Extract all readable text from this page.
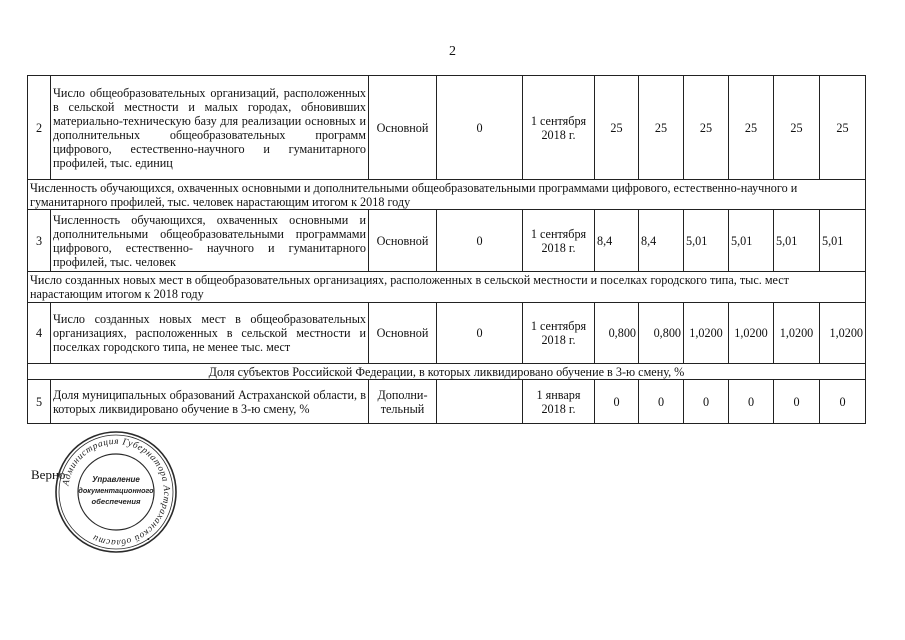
2
2	Число общеобразовательных организаций, расположенных в сельской местности и малых городах, обновивших материально-техническую базу для реализации основных и дополнительных общеобразовательных программ цифрового, естественно-научного и гуманитарного профилей, тыс. единиц	Основной	0	1 сентября 2018 г.	25	25	25	25	25	25
Численность обучающихся, охваченных основными и дополнительными общеобразовательными программами цифрового, естественно-научного и гуманитарного профилей, тыс. человек нарастающим итогом к 2018 году										
3	Численность обучающихся, охваченных основными и дополнительными общеобразовательными программами цифрового, естественно- научного и гуманитарного профилей, тыс. человек	Основной	0	1 сентября 2018 г.	8,4	8,4	5,01	5,01	5,01	5,01
Число созданных новых мест в общеобразовательных организациях, расположенных в сельской местности и поселках городского типа, тыс. мест нарастающим итогом к 2018 году										
4	Число созданных новых мест в общеобразовательных организациях, расположенных в сельской местности и поселках городского типа, не менее тыс. мест	Основной	0	1 сентября 2018 г.	0,800	0,800	1,0200	1,0200	1,0200	1,0200
Доля субъектов Российской Федерации, в которых ликвидировано обучение в 3-ю смену, %										
5	Доля муниципальных образований Астраханской области, в которых ликвидировано обучение в 3-ю смену, %	Дополни-тельный		1 января 2018 г.	0	0	0	0	0	0
Верно
Администрация Губернатора Астраханской области	•
Управление
документационного
обеспечения
